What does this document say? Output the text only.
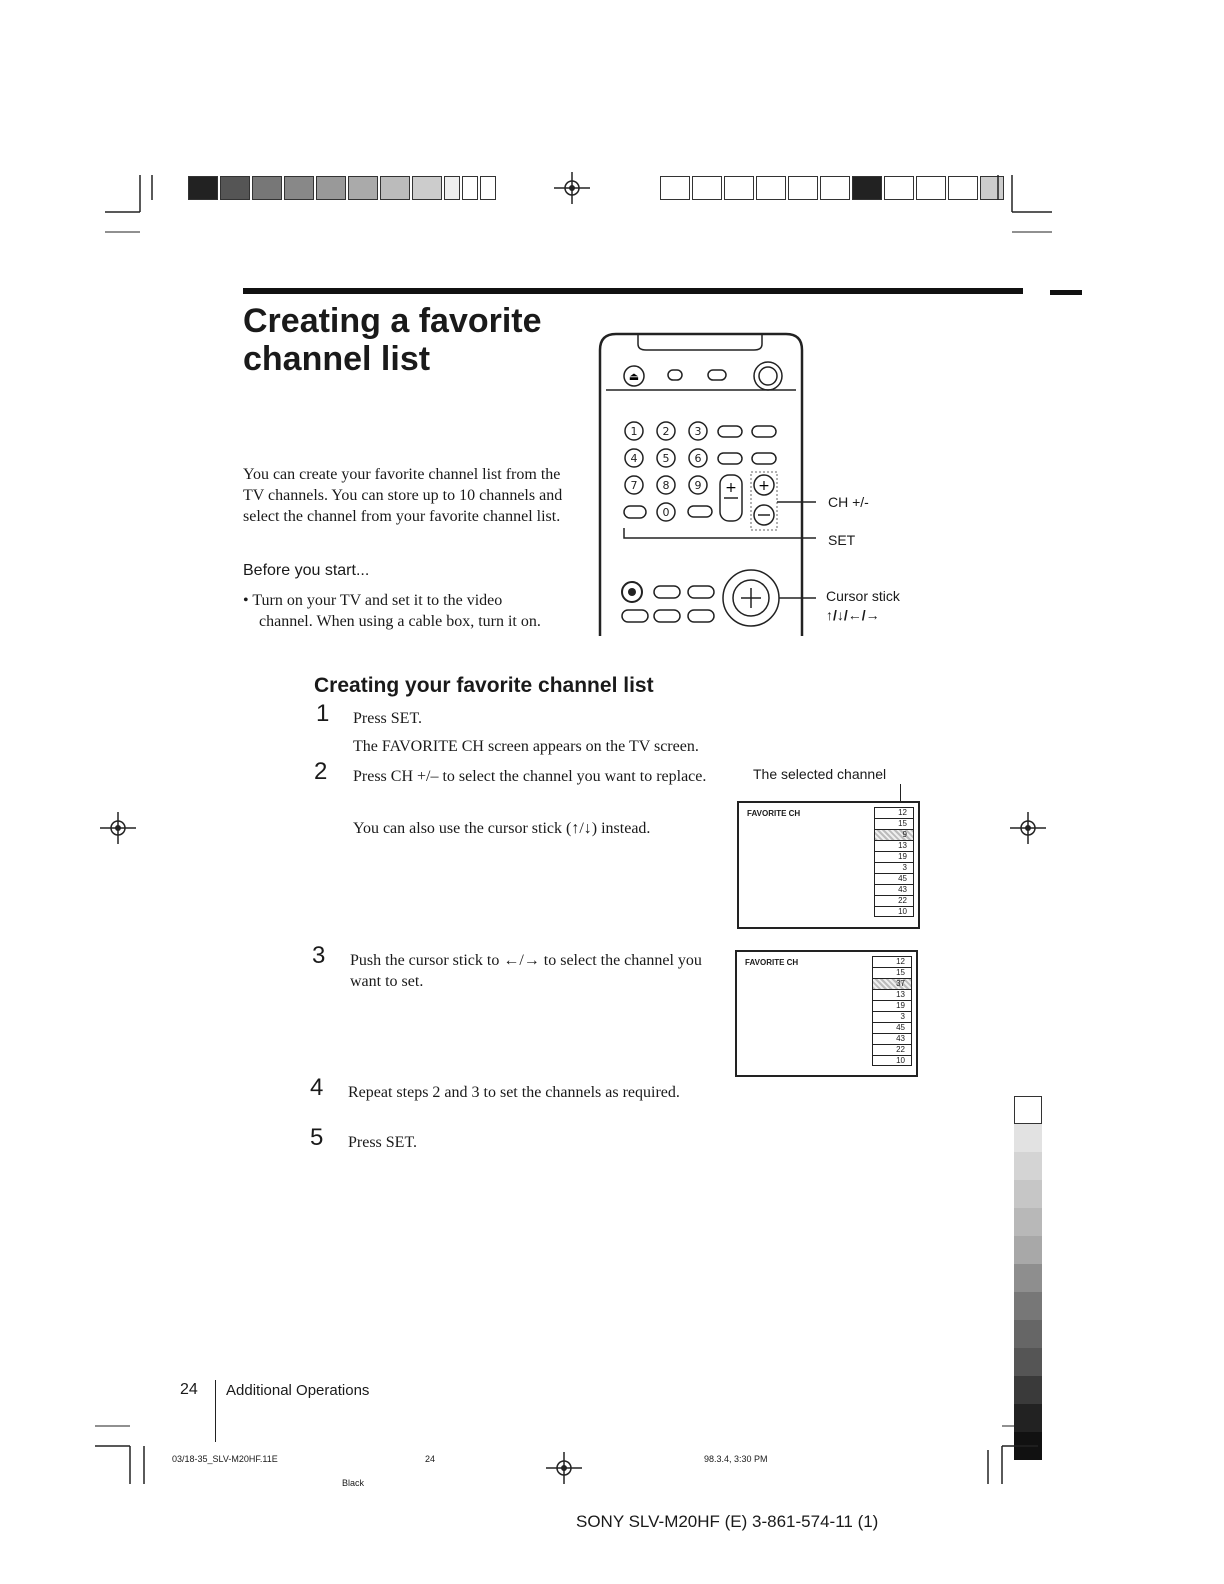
Creating a favorite channel list
You can create your favorite channel list from the TV channels. You can store up to 10 channels and select the channel from your favorite channel list.
Before you start...
• Turn on your TV and set it to the video channel. When using a cable box, turn it on.
⏏
1 2 3
4 5 6
7 8 9
0
+ +
CH +/-
SET
Cursor stick
↑/↓/←/→
Creating your favorite channel list
1 Press SET.
The FAVORITE CH screen appears on the TV screen.
2 Press CH +/– to select the channel you want to replace.
You can also use the cursor stick (↑/↓) instead.
3 Push the cursor stick to ←/→ to select the channel you want to set.
4 Repeat steps 2 and 3 to set the channels as required.
5 Press SET.
The selected channel
FAVORITE CH	12
15
9
13
19
3
45
43
22
10
FAVORITE CH	12
15
37
13
19
3
45
43
22
10
24 Additional Operations
03/18-35_SLV-M20HF.11E	24
Black
98.3.4, 3:30 PM
SONY SLV-M20HF (E) 3-861-574-11 (1)
